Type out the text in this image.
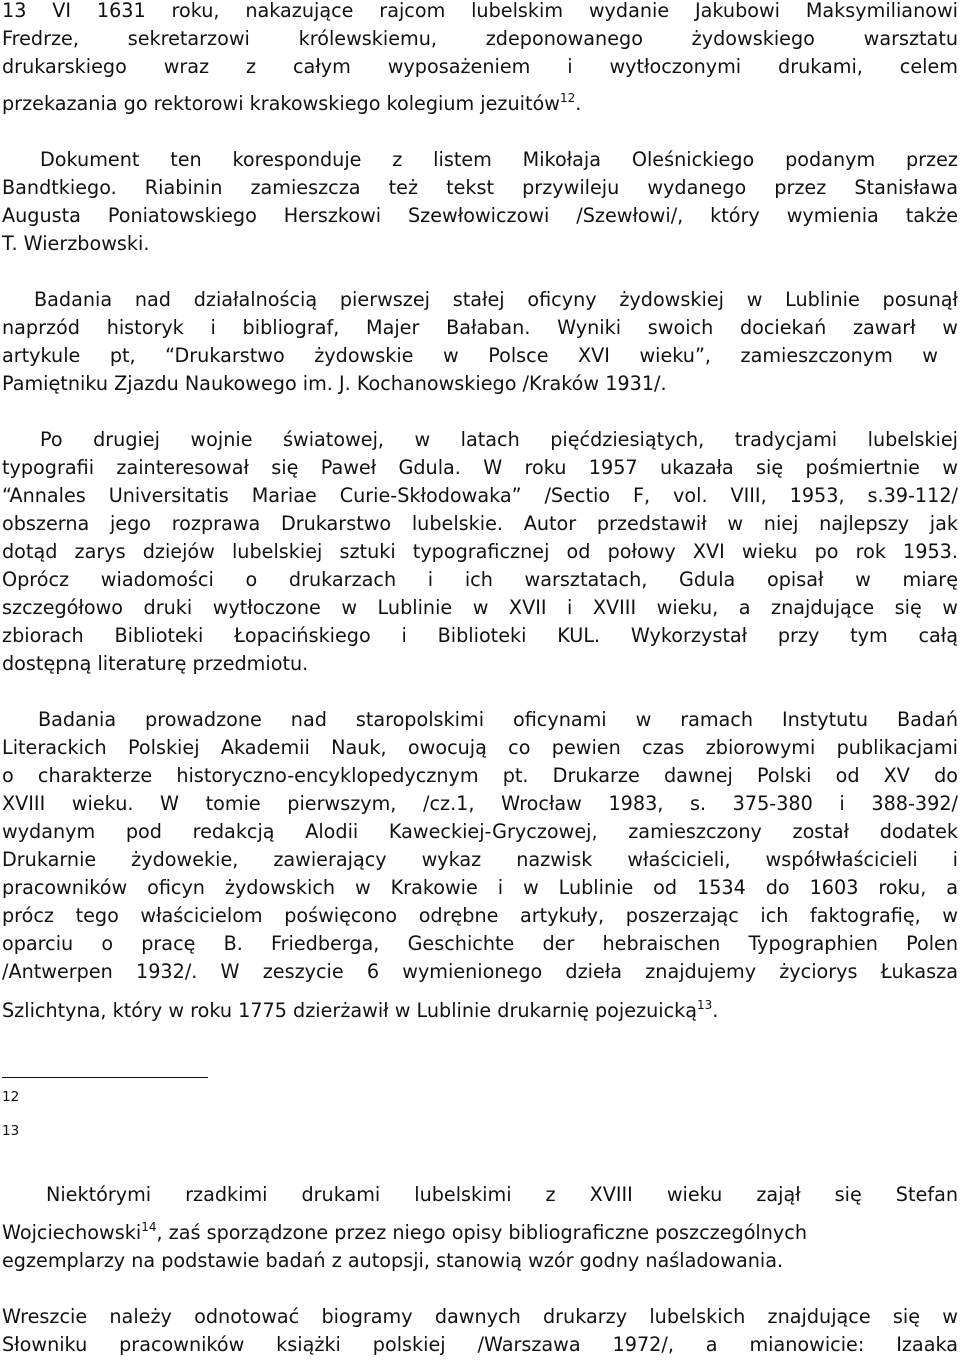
13 VI 1631 roku, nakazujące rajcom lubelskim wydanie Jakubowi Maksymilianowi
Fredrze, sekretarzowi królewskiemu, zdeponowanego żydowskiego warsztatu
drukarskiego wraz z całym wyposażeniem i wytłoczonymi drukami, celem
przekazania go rektorowi krakowskiego kolegium jezuitów$^{12}$.
Dokument ten koresponduje z listem Mikołaja Oleśnickiego podanym przez
Bandtkiego. Riabinin zamieszcza też tekst przywileju wydanego przez Stanisława
Augusta Poniatowskiego Herszkowi Szewłowiczowi /Szewłowi/, który wymienia także
T. Wierzbowski.
Badania nad działalnością pierwszej stałej oficyny żydowskiej w Lublinie posunął
naprzód historyk i bibliograf, Majer Bałaban. Wyniki swoich dociekań zawarł w
artykule pt, “Drukarstwo żydowskie w Polsce XVI wieku”, zamieszczonym w
Pamiętniku Zjazdu Naukowego im. J. Kochanowskiego /Kraków 1931/.
Po drugiej wojnie światowej, w latach pięćdziesiątych, tradycjami lubelskiej
typografii zainteresował się Paweł Gdula. W roku 1957 ukazała się pośmiertnie w
“Annales Universitatis Mariae Curie-Skłodowaka” /Sectio F, vol. VIII, 1953, s.39-112/
obszerna jego rozprawa Drukarstwo lubelskie. Autor przedstawił w niej najlepszy jak
dotąd zarys dziejów lubelskiej sztuki typograficznej od połowy XVI wieku po rok 1953.
Oprócz wiadomości o drukarzach i ich warsztatach, Gdula opisał w miarę
szczegółowo druki wytłoczone w Lublinie w XVII i XVIII wieku, a znajdujące się w
zbiorach Biblioteki Łopacińskiego i Biblioteki KUL. Wykorzystał przy tym całą
dostępną literaturę przedmiotu.
Badania prowadzone nad staropolskimi oficynami w ramach Instytutu Badań
Literackich Polskiej Akademii Nauk, owocują co pewien czas zbiorowymi publikacjami
o charakterze historyczno-encyklopedycznym pt. Drukarze dawnej Polski od XV do
XVIII wieku. W tomie pierwszym, /cz.1, Wrocław 1983, s. 375-380 i 388-392/
wydanym pod redakcją Alodii Kaweckiej-Gryczowej, zamieszczony został dodatek
Drukarnie żydowekie, zawierający wykaz nazwisk właścicieli, współwłaścicieli i
pracowników oficyn żydowskich w Krakowie i w Lublinie od 1534 do 1603 roku, a
prócz tego właścicielom poświęcono odrębne artykuły, poszerzając ich faktografię, w
oparciu o pracę B. Friedberga, Geschichte der hebraischen Typographien Polen
/Antwerpen 1932/. W zeszycie 6 wymienionego dzieła znajdujemy życiorys Łukasza
Szlichtyna, który w roku 1775 dzierżawił w Lublinie drukarnię pojezuicką$^{13}$.
12
13
Niektórymi rzadkimi drukami lubelskimi z XVIII wieku zajął się Stefan
Wojciechowski$^{14}$, zaś sporządzone przez niego opisy bibliograficzne poszczególnych
egzemplarzy na podstawie badań z autopsji, stanowią wzór godny naśladowania.
Wreszcie należy odnotować biogramy dawnych drukarzy lubelskich znajdujące się w
Słowniku pracowników książki polskiej /Warszawa 1972/, a mianowicie: Izaaka
